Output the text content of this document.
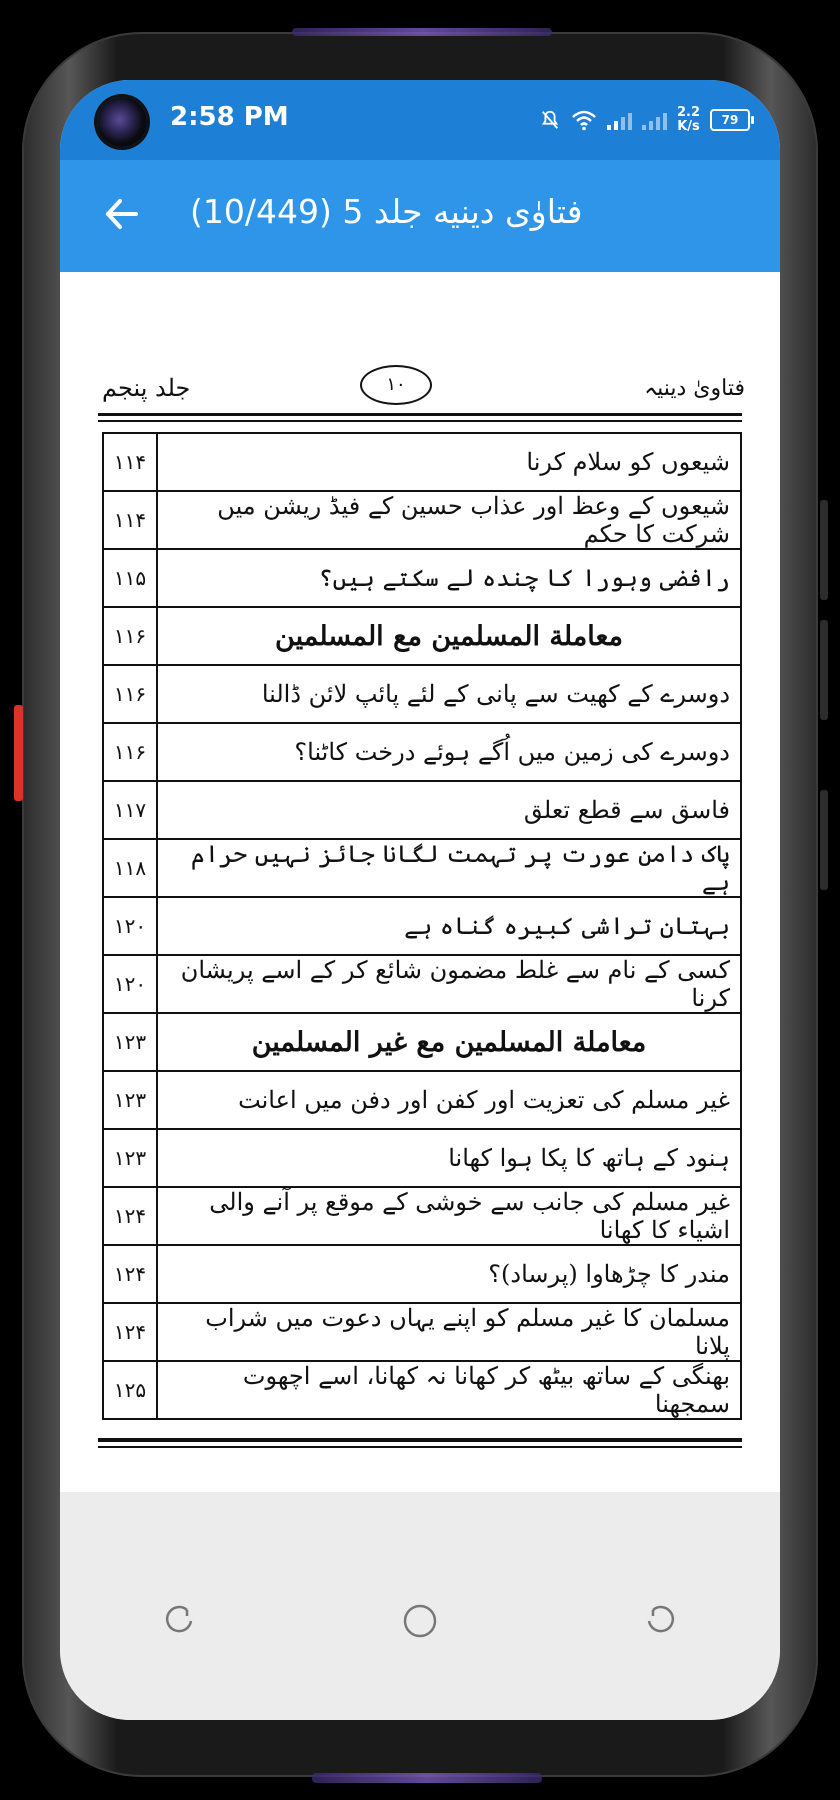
2:58 PM	2.2
K/s	79
(10/449) فتاوٰی دینیه جلد 5
جلد پنجم	۱۰	فتاویٰ دینیہ
۱۱۴	شیعوں کو سلام کرنا
۱۱۴	شیعوں کے وعظ اور عذاب حسین کے فیڈ ریشن میں شرکت کا حکم
۱۱۵	رافضی وہورا کا چندہ لے سکتے ہیں؟
۱۱۶	معاملة المسلمين مع المسلمين
۱۱۶	دوسرے کے کھیت سے پانی کے لئے پائپ لائن ڈالنا
۱۱۶	دوسرے کی زمین میں اُگے ہوئے درخت کاٹنا؟
۱۱۷	فاسق سے قطع تعلق
۱۱۸	پاک دامن عورت پر تہمت لگانا جائز نہیں حرام ہے
۱۲۰	بہتان تراشی کبیرہ گناہ ہے
۱۲۰	کسی کے نام سے غلط مضمون شائع کر کے اسے پریشان کرنا
۱۲۳	معاملة المسلمين مع غير المسلمين
۱۲۳	غیر مسلم کی تعزیت اور کفن اور دفن میں اعانت
۱۲۳	ہنود کے ہاتھ کا پکا ہوا کھانا
۱۲۴	غیر مسلم کی جانب سے خوشی کے موقع پر آنے والی اشیاء کا کھانا
۱۲۴	مندر کا چڑھاوا (پرساد)؟
۱۲۴	مسلمان کا غیر مسلم کو اپنے یہاں دعوت میں شراب پلانا
۱۲۵	بھنگی کے ساتھ بیٹھ کر کھانا نہ کھانا، اسے اچھوت سمجھنا
